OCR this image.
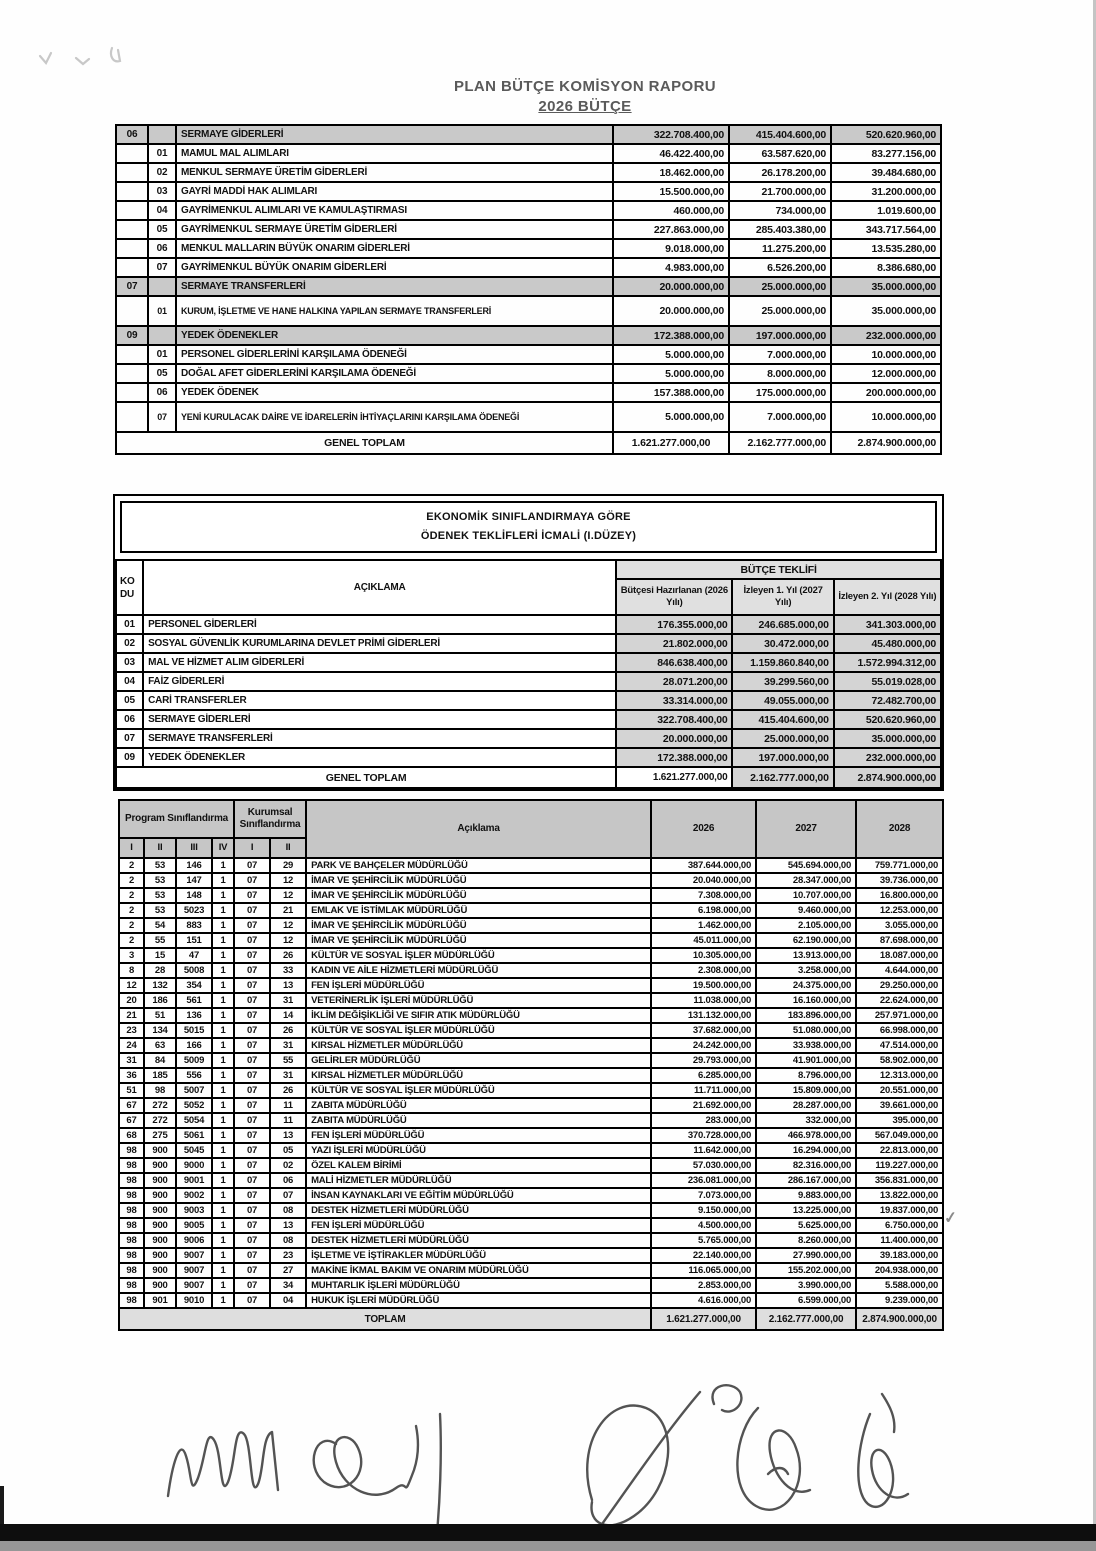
PLAN BÜTÇE KOMİSYON RAPORU
2026 BÜTÇE
06		SERMAYE GİDERLERİ	322.708.400,00	415.404.600,00	520.620.960,00
	01	MAMUL MAL ALIMLARI	46.422.400,00	63.587.620,00	83.277.156,00
	02	MENKUL SERMAYE ÜRETİM GİDERLERİ	18.462.000,00	26.178.200,00	39.484.680,00
	03	GAYRİ MADDİ HAK ALIMLARI	15.500.000,00	21.700.000,00	31.200.000,00
	04	GAYRİMENKUL ALIMLARI VE KAMULAŞTIRMASI	460.000,00	734.000,00	1.019.600,00
	05	GAYRİMENKUL SERMAYE ÜRETİM GİDERLERİ	227.863.000,00	285.403.380,00	343.717.564,00
	06	MENKUL MALLARIN BÜYÜK ONARIM GİDERLERİ	9.018.000,00	11.275.200,00	13.535.280,00
	07	GAYRİMENKUL BÜYÜK ONARIM GİDERLERİ	4.983.000,00	6.526.200,00	8.386.680,00
07		SERMAYE TRANSFERLERİ	20.000.000,00	25.000.000,00	35.000.000,00
	01	KURUM, İŞLETME VE HANE HALKINA YAPILAN SERMAYE TRANSFERLERİ	20.000.000,00	25.000.000,00	35.000.000,00
09		YEDEK ÖDENEKLER	172.388.000,00	197.000.000,00	232.000.000,00
	01	PERSONEL GİDERLERİNİ KARŞILAMA ÖDENEĞİ	5.000.000,00	7.000.000,00	10.000.000,00
	05	DOĞAL AFET GİDERLERİNİ KARŞILAMA ÖDENEĞİ	5.000.000,00	8.000.000,00	12.000.000,00
	06	YEDEK ÖDENEK	157.388.000,00	175.000.000,00	200.000.000,00
	07	YENİ KURULACAK DAİRE VE İDARELERİN İHTİYAÇLARINI KARŞILAMA ÖDENEĞİ	5.000.000,00	7.000.000,00	10.000.000,00
GENEL TOPLAM			1.621.277.000,00	2.162.777.000,00	2.874.900.000,00
EKONOMİK SINIFLANDIRMAYA GÖRE
ÖDENEK TEKLİFLERİ İCMALİ (I.DÜZEY)
KO
DU	AÇIKLAMA	BÜTÇE TEKLİFİ		
		Bütçesi Hazırlanan (2026 Yılı)	İzleyen 1. Yıl (2027 Yılı)	İzleyen 2. Yıl (2028 Yılı)
01	PERSONEL GİDERLERİ	176.355.000,00	246.685.000,00	341.303.000,00
02	SOSYAL GÜVENLİK KURUMLARINA DEVLET PRİMİ GİDERLERİ	21.802.000,00	30.472.000,00	45.480.000,00
03	MAL VE HİZMET ALIM GİDERLERİ	846.638.400,00	1.159.860.840,00	1.572.994.312,00
04	FAİZ GİDERLERİ	28.071.200,00	39.299.560,00	55.019.028,00
05	CARİ TRANSFERLER	33.314.000,00	49.055.000,00	72.482.700,00
06	SERMAYE GİDERLERİ	322.708.400,00	415.404.600,00	520.620.960,00
07	SERMAYE TRANSFERLERİ	20.000.000,00	25.000.000,00	35.000.000,00
09	YEDEK ÖDENEKLER	172.388.000,00	197.000.000,00	232.000.000,00
GENEL TOPLAM		1.621.277.000,00	2.162.777.000,00	2.874.900.000,00
Program Sınıflandırma				Kurumsal Sınıflandırma		Açıklama	2026	2027	2028
I	II	III	IV	I	II				
2	53	146	1	07	29	PARK VE BAHÇELER MÜDÜRLÜĞÜ	387.644.000,00	545.694.000,00	759.771.000,00
2	53	147	1	07	12	İMAR VE ŞEHİRCİLİK MÜDÜRLÜĞÜ	20.040.000,00	28.347.000,00	39.736.000,00
2	53	148	1	07	12	İMAR VE ŞEHİRCİLİK MÜDÜRLÜĞÜ	7.308.000,00	10.707.000,00	16.800.000,00
2	53	5023	1	07	21	EMLAK VE İSTİMLAK MÜDÜRLÜĞÜ	6.198.000,00	9.460.000,00	12.253.000,00
2	54	883	1	07	12	İMAR VE ŞEHİRCİLİK MÜDÜRLÜĞÜ	1.462.000,00	2.105.000,00	3.055.000,00
2	55	151	1	07	12	İMAR VE ŞEHİRCİLİK MÜDÜRLÜĞÜ	45.011.000,00	62.190.000,00	87.698.000,00
3	15	47	1	07	26	KÜLTÜR VE SOSYAL İŞLER MÜDÜRLÜĞÜ	10.305.000,00	13.913.000,00	18.087.000,00
8	28	5008	1	07	33	KADIN VE AİLE HİZMETLERİ MÜDÜRLÜĞÜ	2.308.000,00	3.258.000,00	4.644.000,00
12	132	354	1	07	13	FEN İŞLERİ MÜDÜRLÜĞÜ	19.500.000,00	24.375.000,00	29.250.000,00
20	186	561	1	07	31	VETERİNERLİK İŞLERİ MÜDÜRLÜĞÜ	11.038.000,00	16.160.000,00	22.624.000,00
21	51	136	1	07	14	İKLİM DEĞİŞİKLİĞİ VE SIFIR ATIK MÜDÜRLÜĞÜ	131.132.000,00	183.896.000,00	257.971.000,00
23	134	5015	1	07	26	KÜLTÜR VE SOSYAL İŞLER MÜDÜRLÜĞÜ	37.682.000,00	51.080.000,00	66.998.000,00
24	63	166	1	07	31	KIRSAL HİZMETLER MÜDÜRLÜĞÜ	24.242.000,00	33.938.000,00	47.514.000,00
31	84	5009	1	07	55	GELİRLER MÜDÜRLÜĞÜ	29.793.000,00	41.901.000,00	58.902.000,00
36	185	556	1	07	31	KIRSAL HİZMETLER MÜDÜRLÜĞÜ	6.285.000,00	8.796.000,00	12.313.000,00
51	98	5007	1	07	26	KÜLTÜR VE SOSYAL İŞLER MÜDÜRLÜĞÜ	11.711.000,00	15.809.000,00	20.551.000,00
67	272	5052	1	07	11	ZABITA MÜDÜRLÜĞÜ	21.692.000,00	28.287.000,00	39.661.000,00
67	272	5054	1	07	11	ZABITA MÜDÜRLÜĞÜ	283.000,00	332.000,00	395.000,00
68	275	5061	1	07	13	FEN İŞLERİ MÜDÜRLÜĞÜ	370.728.000,00	466.978.000,00	567.049.000,00
98	900	5045	1	07	05	YAZI İŞLERİ MÜDÜRLÜĞÜ	11.642.000,00	16.294.000,00	22.813.000,00
98	900	9000	1	07	02	ÖZEL KALEM BİRİMİ	57.030.000,00	82.316.000,00	119.227.000,00
98	900	9001	1	07	06	MALİ HİZMETLER MÜDÜRLÜĞÜ	236.081.000,00	286.167.000,00	356.831.000,00
98	900	9002	1	07	07	İNSAN KAYNAKLARI VE EĞİTİM MÜDÜRLÜĞÜ	7.073.000,00	9.883.000,00	13.822.000,00
98	900	9003	1	07	08	DESTEK HİZMETLERİ MÜDÜRLÜĞÜ	9.150.000,00	13.225.000,00	19.837.000,00
98	900	9005	1	07	13	FEN İŞLERİ MÜDÜRLÜĞÜ	4.500.000,00	5.625.000,00	6.750.000,00
98	900	9006	1	07	08	DESTEK HİZMETLERİ MÜDÜRLÜĞÜ	5.765.000,00	8.260.000,00	11.400.000,00
98	900	9007	1	07	23	İŞLETME VE İŞTİRAKLER MÜDÜRLÜĞÜ	22.140.000,00	27.990.000,00	39.183.000,00
98	900	9007	1	07	27	MAKİNE İKMAL BAKIM VE ONARIM MÜDÜRLÜĞÜ	116.065.000,00	155.202.000,00	204.938.000,00
98	900	9007	1	07	34	MUHTARLIK İŞLERİ MÜDÜRLÜĞÜ	2.853.000,00	3.990.000,00	5.588.000,00
98	901	9010	1	07	04	HUKUK İŞLERİ MÜDÜRLÜĞÜ	4.616.000,00	6.599.000,00	9.239.000,00
TOPLAM							1.621.277.000,00	2.162.777.000,00	2.874.900.000,00
✓
